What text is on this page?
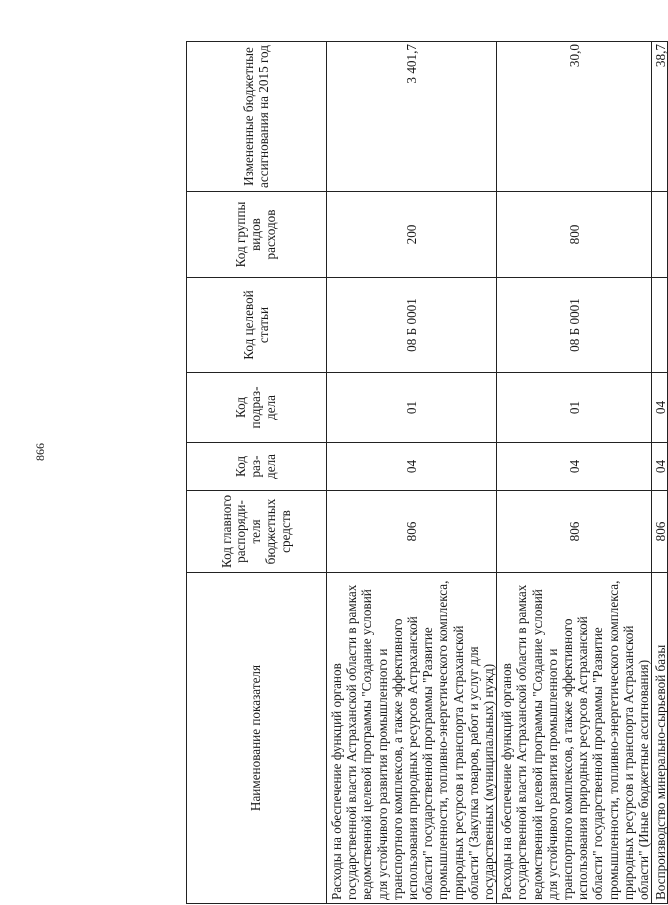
866
Наименование показателя	Код главного распоряди-теля бюджетных средств	Код раз-дела	Код подраз-дела	Код целевой статьи	Код группы видов расходов	Измененные бюджетные ассигнования на 2015 год
Расходы на обеспечение функций органов государственной власти Астраханской области в рамках ведомственной целевой программы "Создание условий для устойчивого развития промышленного и транспортного комплексов, а также эффективного использования природных ресурсов Астраханской области" государственной программы "Развитие промышленности, топливно-энергетического комплекса, природных ресурсов и транспорта Астраханской области" (Закупка товаров, работ и услуг для государственных (муниципальных) нужд)	806	04	01	08 Б 0001	200	3 401,7
Расходы на обеспечение функций органов государственной власти Астраханской области в рамках ведомственной целевой программы "Создание условий для устойчивого развития промышленного и транспортного комплексов, а также эффективного использования природных ресурсов Астраханской области" государственной программы "Развитие промышленности, топливно-энергетического комплекса, природных ресурсов и транспорта Астраханской области" (Иные бюджетные ассигнования)	806	04	01	08 Б 0001	800	30,0
Воспроизводство минерально-сырьевой базы	806	04	04			38,7
